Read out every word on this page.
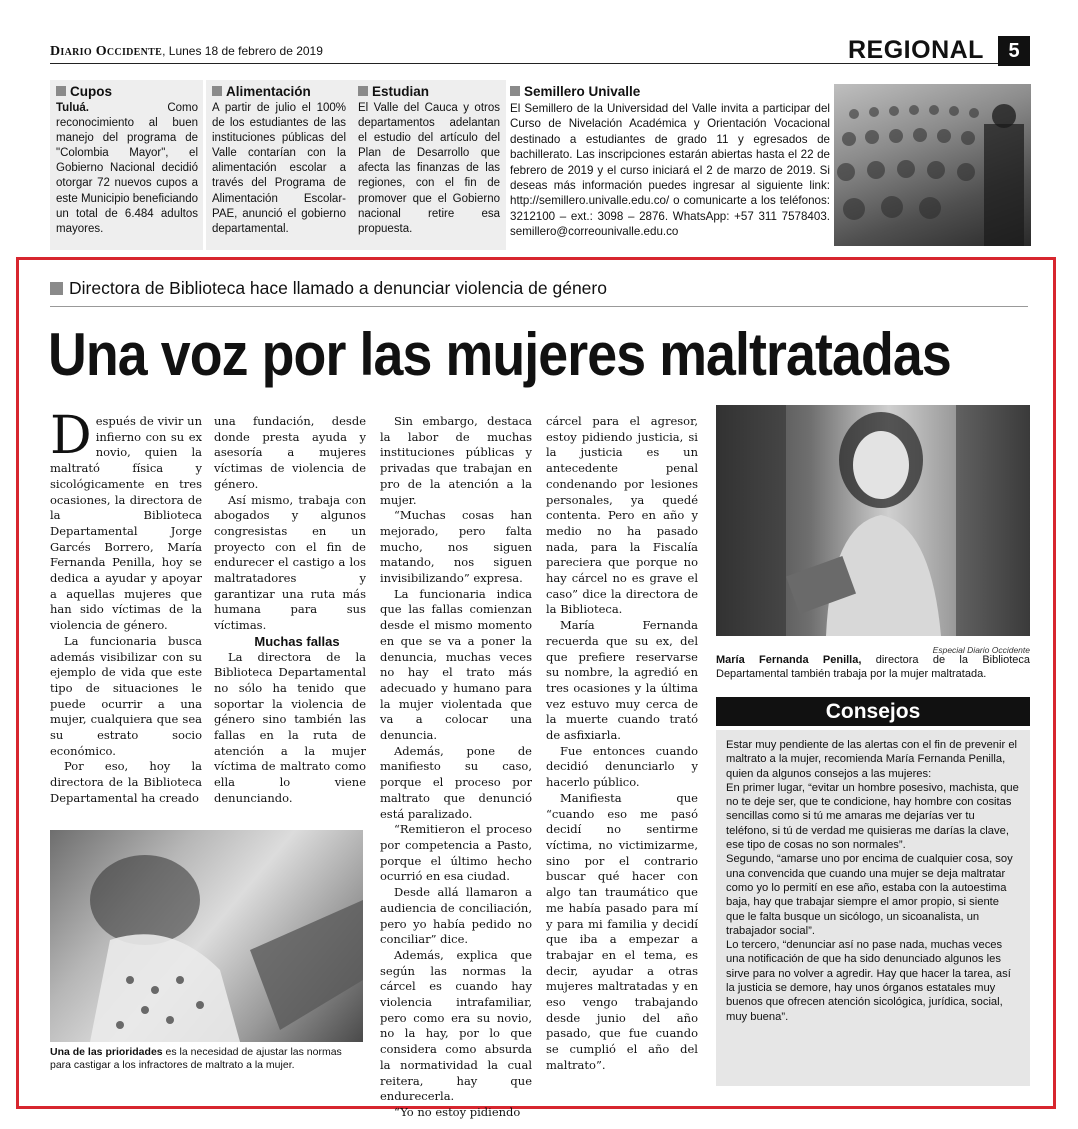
Diario Occidente, Lunes 18 de febrero de 2019	REGIONAL	5
Cupos

Tuluá.	Como reconocimiento al buen manejo del programa de "Colombia Mayor", el Gobierno Nacional decidió otorgar 72 nuevos cupos a este Municipio beneficiando un total de 6.484 adultos mayores.

Alimentación

A partir de julio el 100% de los estudiantes de las instituciones públicas del Valle contarían con la alimentación escolar a través del Programa de Alimentación Escolar-PAE, anunció el gobierno departamental.

Estudian

El Valle del Cauca y otros departamentos adelantan el estudio del artículo del Plan de Desarrollo que afecta las finanzas de las regiones, con el fin de promover que el Gobierno nacional retire esa propuesta.

Semillero Univalle

El Semillero de la Universidad del Valle invita a participar del Curso de Nivelación Académica y Orientación Vocacional destinado a estudiantes de grado 11 y egresados de bachillerato. Las inscripciones estarán abiertas hasta el 22 de febrero de 2019 y el curso iniciará el 2 de marzo de 2019. Si deseas más información puedes ingresar al siguiente link: http://semillero.univalle.edu.co/ o comunicarte a los teléfonos: 3212100 – ext.: 3098 – 2876. WhatsApp: +57 311 7578403. semillero@correounivalle.edu.co

Directora de Biblioteca hace llamado a denunciar violencia de género
Una voz por las mujeres maltratadas

Después de vivir un infierno con su ex novio, quien la maltrató física y sicológicamente en tres ocasiones, la directora de la Biblioteca Departamental Jorge Garcés Borrero, María Fernanda Penilla, hoy se dedica a ayudar y apoyar a aquellas mujeres que han sido víctimas de la violencia de género.

La funcionaria busca además visibilizar con su ejemplo de vida que este tipo de situaciones le puede ocurrir a una mujer, cualquiera que sea su estrato socio económico.

Por eso, hoy la directora de la Biblioteca Departamental ha creado

una fundación, desde donde presta ayuda y asesoría a mujeres víctimas de violencia de género.

Así mismo, trabaja con abogados y algunos congresistas en un proyecto con el fin de endurecer el castigo a los maltratadores y garantizar una ruta más humana para sus víctimas.

Muchas fallas

La directora de la Biblioteca Departamental no sólo ha tenido que soportar la violencia de género sino también las fallas en la ruta de atención a la mujer víctima de maltrato como ella lo viene denunciando.

Sin embargo, destaca la labor de muchas instituciones públicas y privadas que trabajan en pro de la atención a la mujer.

“Muchas cosas han mejorado, pero falta mucho, nos siguen matando, nos siguen invisibilizando” expresa.

La funcionaria indica que las fallas comienzan desde el mismo momento en que se va a poner la denuncia, muchas veces no hay el trato más adecuado y humano para la mujer violentada que va a colocar una denuncia.

Además, pone de manifiesto su caso, porque el proceso por maltrato que denunció está paralizado.

“Remitieron el proceso por competencia a Pasto, porque el último hecho ocurrió en esa ciudad.

Desde allá llamaron a audiencia de conciliación, pero yo había pedido no conciliar” dice.

Además, explica que según las normas la cárcel es cuando hay violencia intrafamiliar, pero como era su novio, no la hay, por lo que considera como absurda la normatividad la cual reitera, hay que endurecerla.

“Yo no estoy pidiendo

cárcel para el agresor, estoy pidiendo justicia, si la justicia es un antecedente penal condenando por lesiones personales, ya quedé contenta. Pero en año y medio no ha pasado nada, para la Fiscalía pareciera que porque no hay cárcel no es grave el caso” dice la directora de la Biblioteca.

María Fernanda recuerda que su ex, del que prefiere reservarse su nombre, la agredió en tres ocasiones y la última vez estuvo muy cerca de la muerte cuando trató de asfixiarla.

Fue entonces cuando decidió denunciarlo y hacerlo público.

Manifiesta que “cuando eso me pasó decidí no sentirme víctima, no victimizarme, sino por el contrario buscar qué hacer con algo tan traumático que me había pasado para mí y para mi familia y decidí que iba a empezar a trabajar en el tema, es decir, ayudar a otras mujeres maltratadas y en eso vengo trabajando desde junio del año pasado, que fue cuando se cumplió el año del maltrato”.

Una de las prioridades es la necesidad de ajustar las normas para castigar a los infractores de maltrato a la mujer.
Especial Diario Occidente
María Fernanda Penilla, directora de la Biblioteca Departamental también trabaja por la mujer maltratada.
Consejos

Estar muy pendiente de las alertas con el fin de prevenir el maltrato a la mujer, recomienda María Fernanda Penilla, quien da algunos consejos a las mujeres:

En primer lugar, “evitar un hombre posesivo, machista, que no te deje ser, que te condicione, hay hombre con cositas sencillas como si tú me amaras me dejarías ver tu teléfono, si tú de verdad me quisieras me darías la clave, ese tipo de cosas no son normales”.

Segundo, “amarse uno por encima de cualquier cosa, soy una convencida que cuando una mujer se deja maltratar como yo lo permití en ese año, estaba con la autoestima baja, hay que trabajar siempre el amor propio, si siente que le falta busque un sicólogo, un sicoanalista, un trabajador social”.

Lo tercero, “denunciar así no pase nada, muchas veces una notificación de que ha sido denunciado algunos les sirve para no volver a agredir. Hay que hacer la tarea, así la justicia se demore, hay unos órganos estatales muy buenos que ofrecen atención sicológica, jurídica, social, muy buena”.
